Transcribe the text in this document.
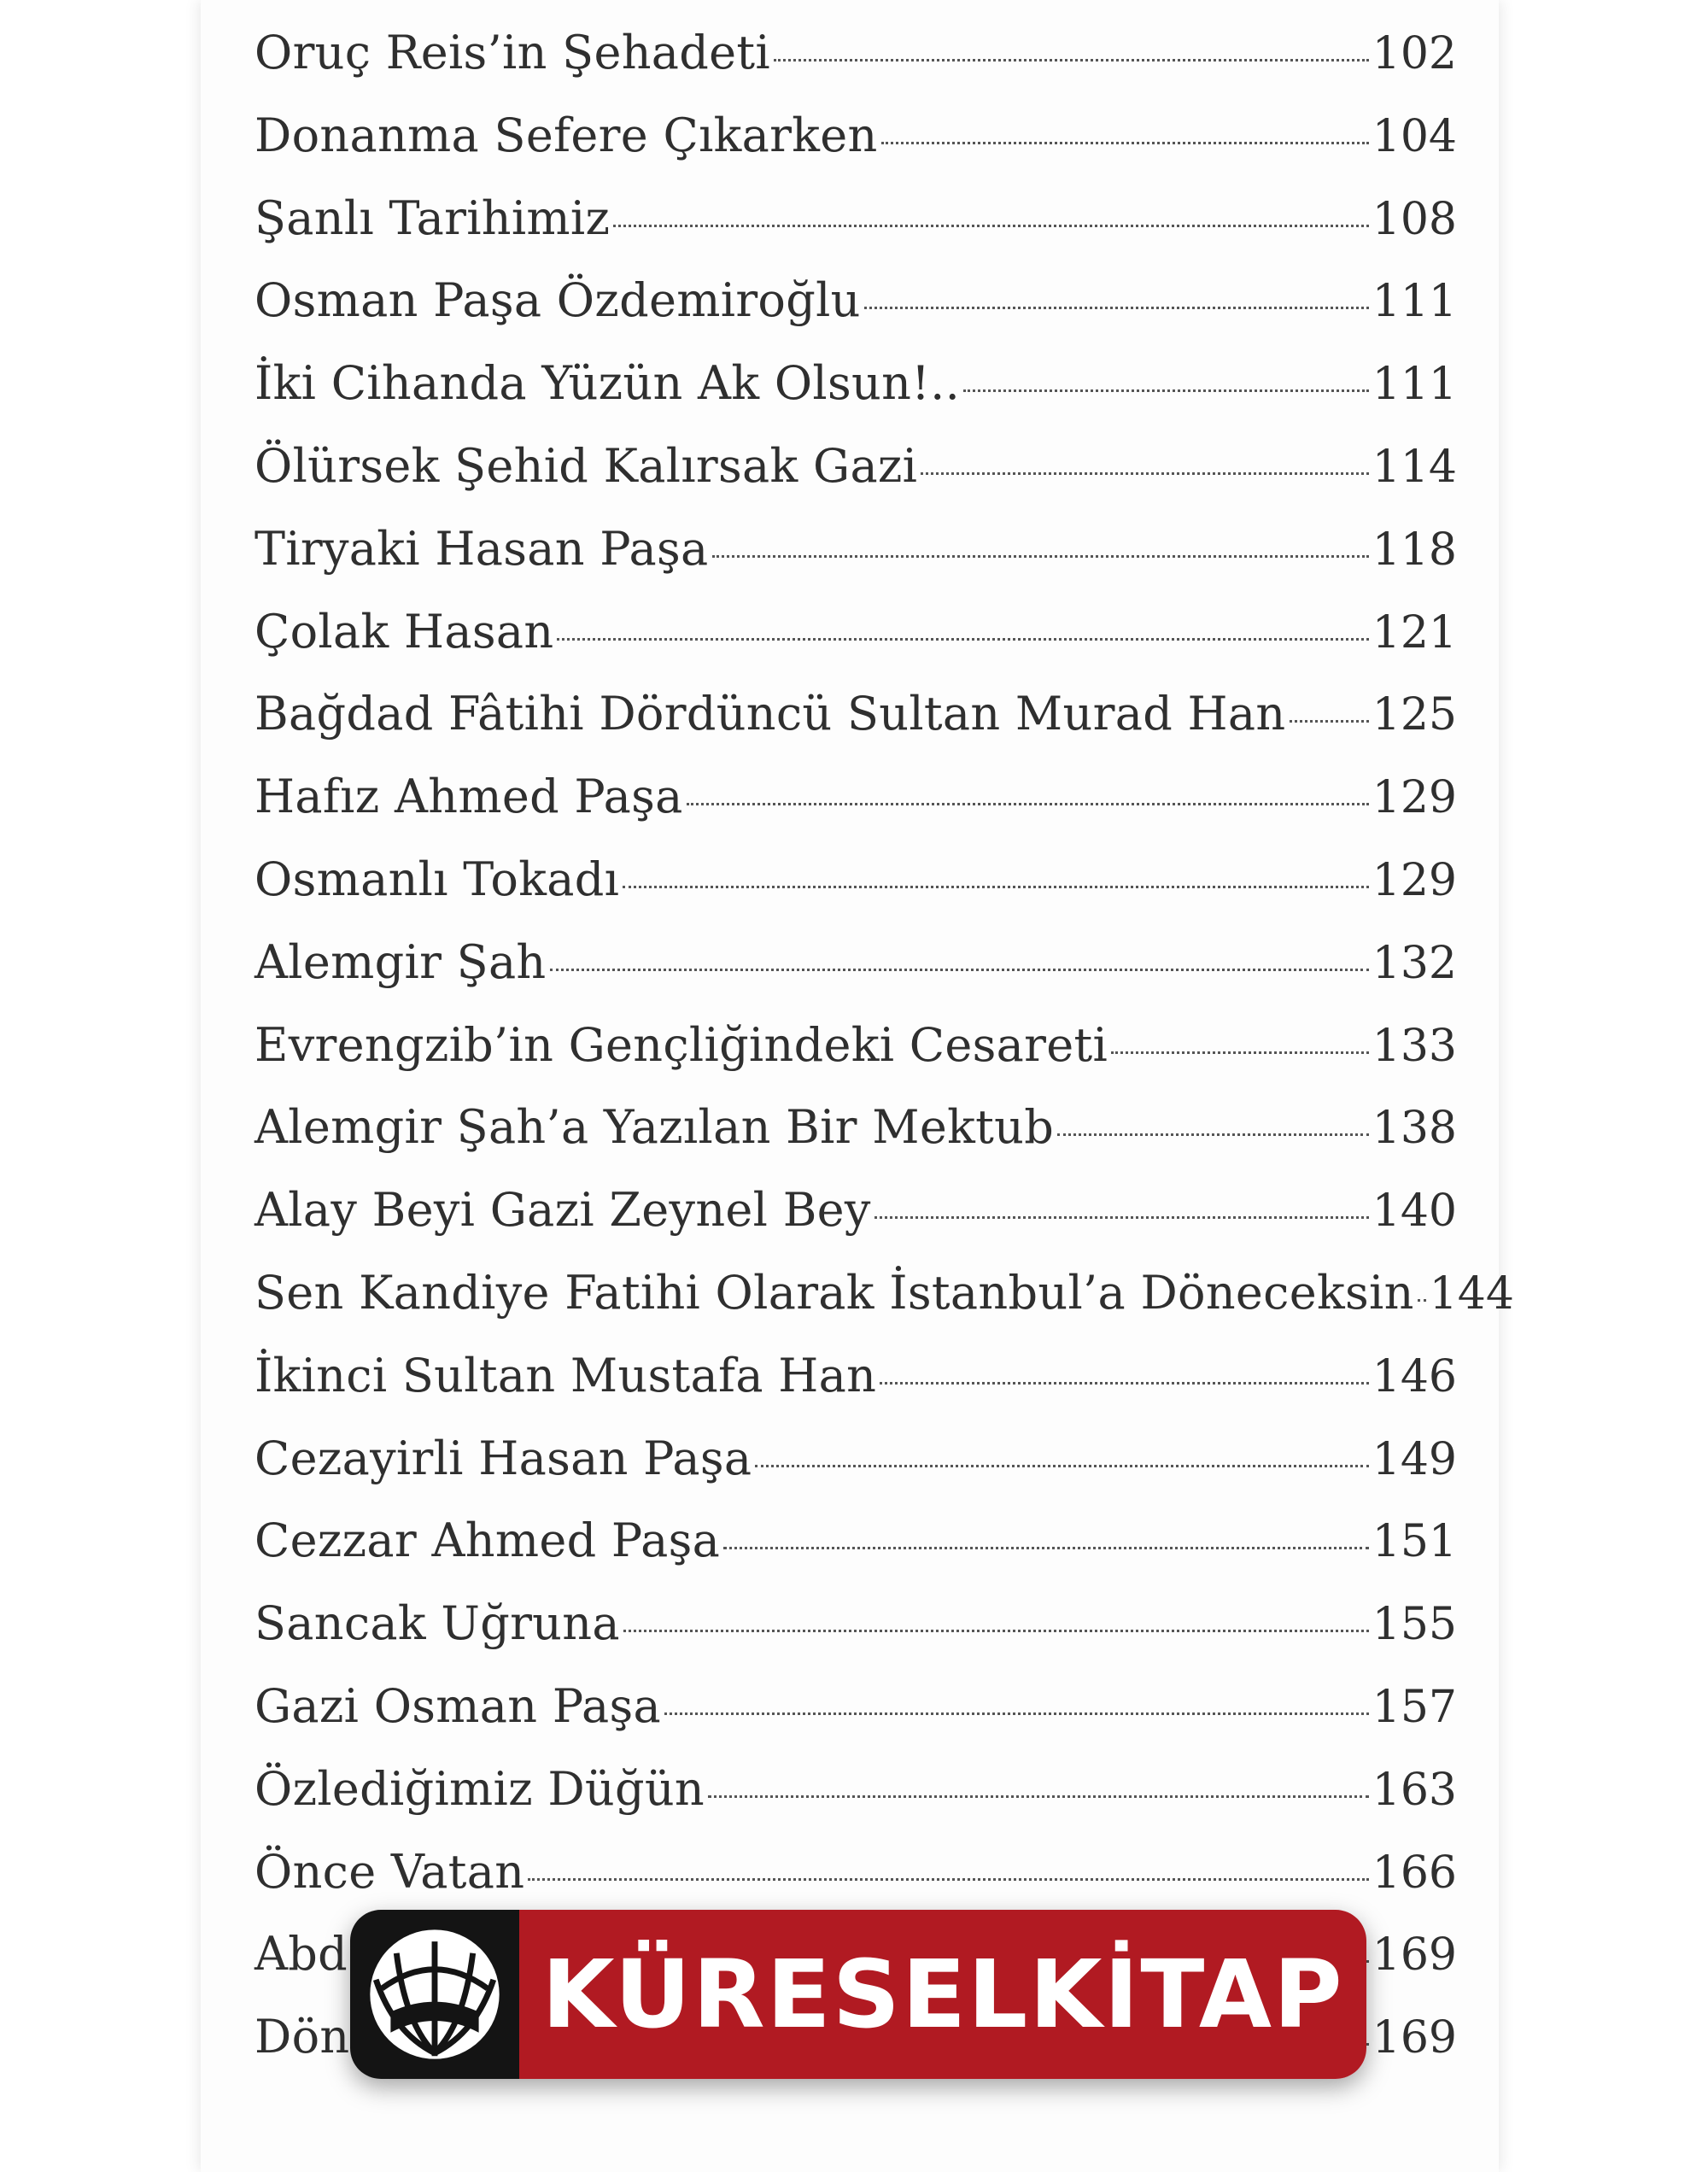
Oruç Reis’in Şehadeti	102
Donanma Sefere Çıkarken	104
Şanlı Tarihimiz	108
Osman Paşa Özdemiroğlu	111
İki Cihanda Yüzün Ak Olsun!..	111
Ölürsek Şehid Kalırsak Gazi	114
Tiryaki Hasan Paşa	118
Çolak Hasan	121
Bağdad Fâtihi Dördüncü Sultan Murad Han 125
Hafız Ahmed Paşa	129
Osmanlı Tokadı	129
Alemgir Şah	132
Evrengzib’in Gençliğindeki Cesareti	133
Alemgir Şah’a Yazılan Bir Mektub	138
Alay Beyi Gazi Zeynel Bey	140
Sen Kandiye Fatihi Olarak İstanbul’a Döneceksin 144
İkinci Sultan Mustafa Han	146
Cezayirli Hasan Paşa	149
Cezzar Ahmed Paşa	151
Sancak Uğruna	155
Gazi Osman Paşa	157
Özlediğimiz Düğün	163
Önce Vatan	166
Abd	169
Dön	169
KÜRESELKİTAP
